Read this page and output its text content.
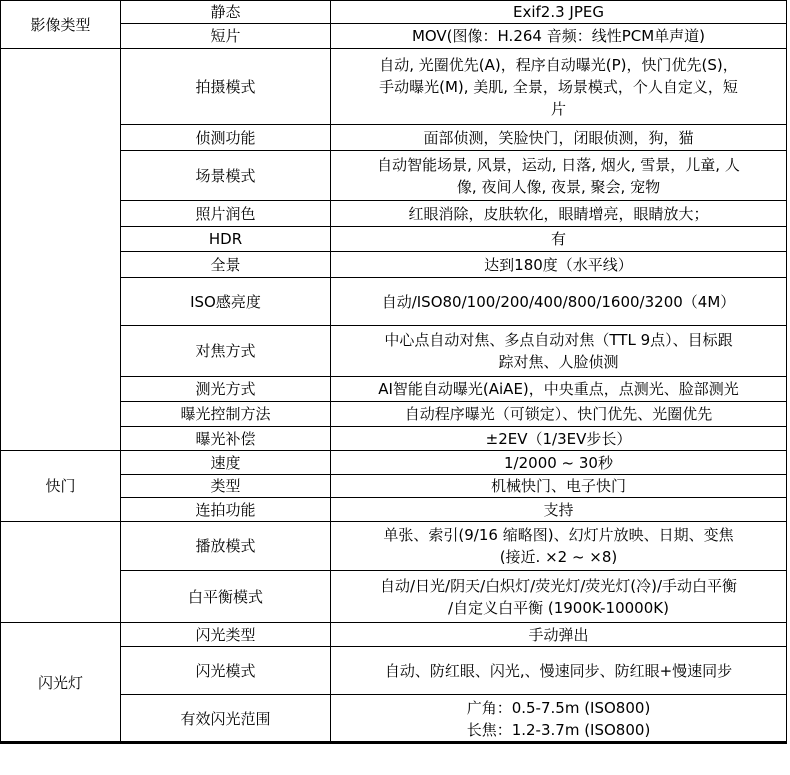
影像类型	静态	Exif2.3 JPEG
	短片	MOV(图像：H.264 音频：线性PCM单声道)
	拍摄模式	自动, 光圈优先(A)，程序自动曝光(P)，快门优先(S)，
手动曝光(M), 美肌, 全景，场景模式，个人自定义，短
片

	侦测功能	面部侦测，笑脸快门，闭眼侦测，狗，猫
	场景模式	自动智能场景, 风景，运动, 日落, 烟火, 雪景，儿童, 人
像, 夜间人像, 夜景, 聚会, 宠物

	照片润色	红眼消除，皮肤软化，眼睛增亮，眼睛放大；
	HDR	有
	全景	达到180度（水平线）
	ISO感亮度	自动/ISO80/100/200/400/800/1600/3200（4M）
	对焦方式	中心点自动对焦、多点自动对焦（TTL 9点）、目标跟
踪对焦、人脸侦测

	测光方式	AI智能自动曝光(AiAE)，中央重点，点测光、脸部测光
	曝光控制方法	自动程序曝光（可锁定）、快门优先、光圈优先
	曝光补偿	±2EV（1/3EV步长）
快门	速度	1/2000 ~ 30秒
	类型	机械快门、电子快门
	连拍功能	支持
	播放模式	单张、索引(9/16 缩略图)、幻灯片放映、日期、变焦
(接近. ×2 ~ ×8)

	白平衡模式	自动/日光/阴天/白炽灯/荧光灯/荧光灯(冷)/手动白平衡
/自定义白平衡 (1900K-10000K)

闪光灯	闪光类型	手动弹出
	闪光模式	自动、防红眼、闪光,、慢速同步、防红眼+慢速同步
	有效闪光范围	广角：0.5-7.5m (ISO800)
长焦：1.2-3.7m (ISO800)
